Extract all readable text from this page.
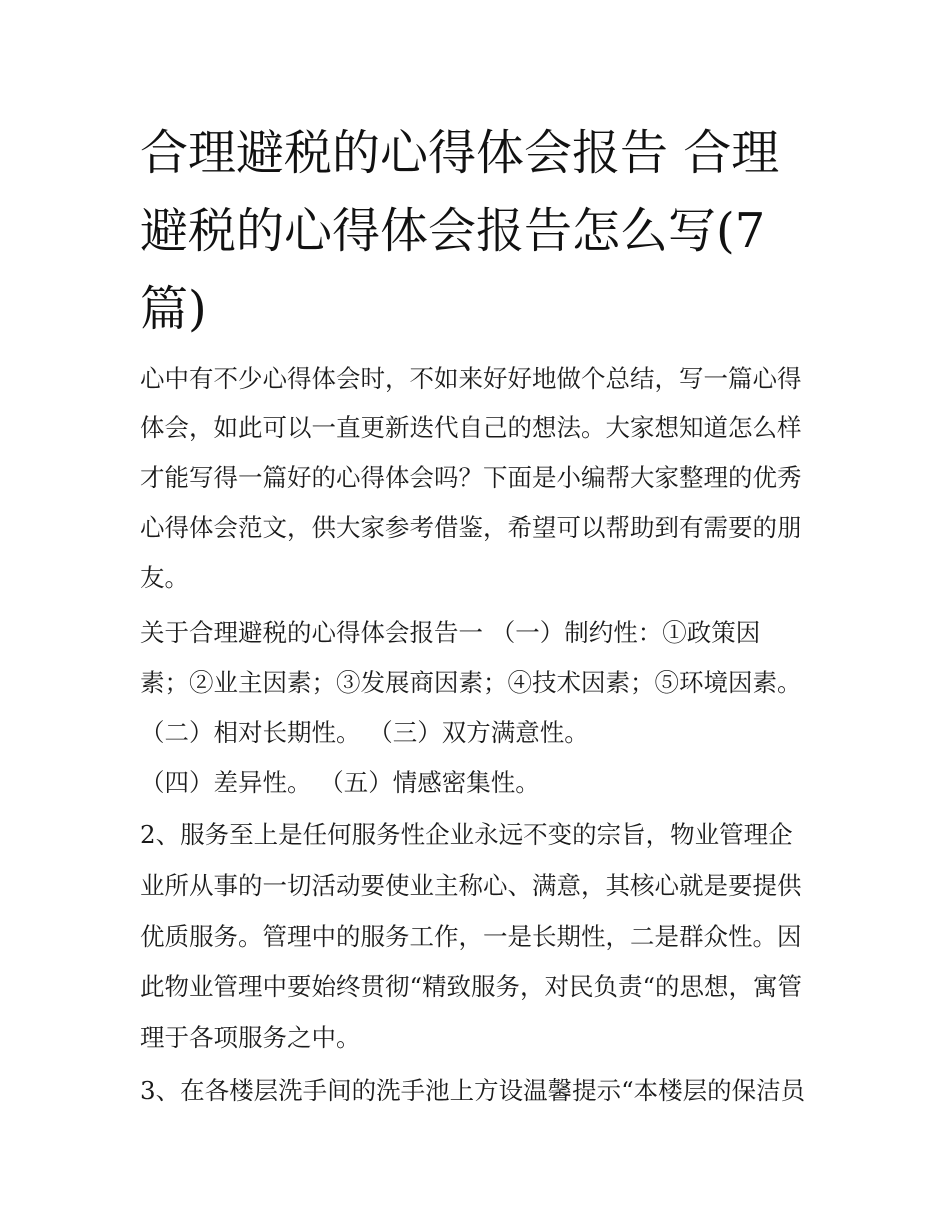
合理避税的心得体会报告 合理避税的心得体会报告怎么写(7篇)

心中有不少心得体会时，不如来好好地做个总结，写一篇心得

体会，如此可以一直更新迭代自己的想法。大家想知道怎么样

才能写得一篇好的心得体会吗？下面是小编帮大家整理的优秀

心得体会范文，供大家参考借鉴，希望可以帮助到有需要的朋

友。

关于合理避税的心得体会报告一 （一）制约性：①政策因

素；②业主因素；③发展商因素；④技术因素；⑤环境因素。

（二）相对长期性。 （三）双方满意性。

（四）差异性。 （五）情感密集性。

2、服务至上是任何服务性企业永远不变的宗旨，物业管理企

业所从事的一切活动要使业主称心、满意，其核心就是要提供

优质服务。管理中的服务工作，一是长期性，二是群众性。因

此物业管理中要始终贯彻“精致服务，对民负责“的思想，寓管

理于各项服务之中。

3、在各楼层洗手间的洗手池上方设温馨提示“本楼层的保洁员
